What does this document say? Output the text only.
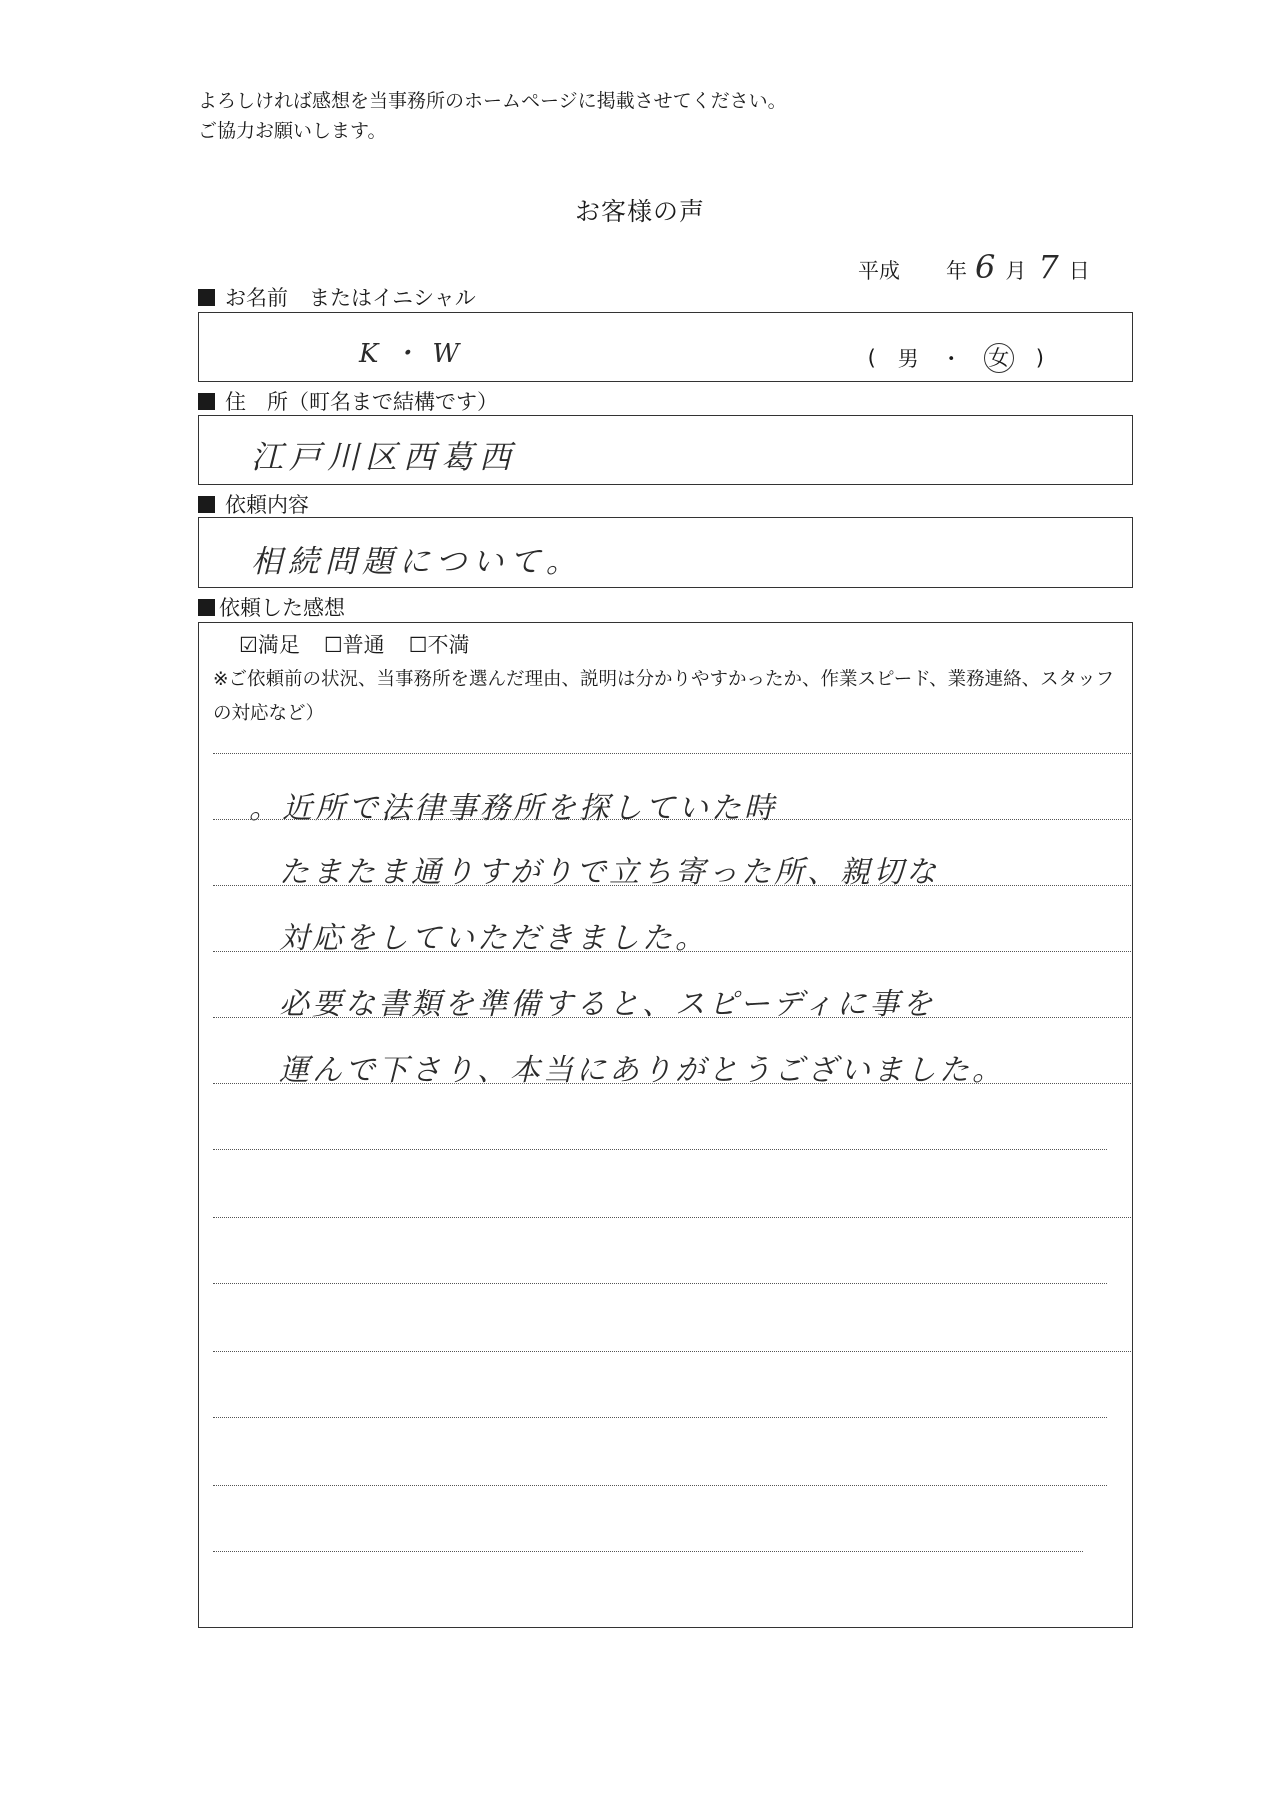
よろしければ感想を当事務所のホームページに掲載させてください。
ご協力お願いします。
お客様の声
平成 年 6 月 7 日
お名前　またはイニシャル
K・W	( 男 ・ 女 )
住　所（町名まで結構です）
江戸川区西葛西
依頼内容
相続問題について。
依頼した感想
☑満足 ☐普通 ☐不満
※ご依頼前の状況、当事務所を選んだ理由、説明は分かりやすかったか、作業スピード、業務連絡、スタッフの対応など）
。近所で法律事務所を探していた時
たまたま通りすがりで立ち寄った所、親切な
対応をしていただきました。
必要な書類を準備すると、スピーディに事を
運んで下さり、本当にありがとうございました。
